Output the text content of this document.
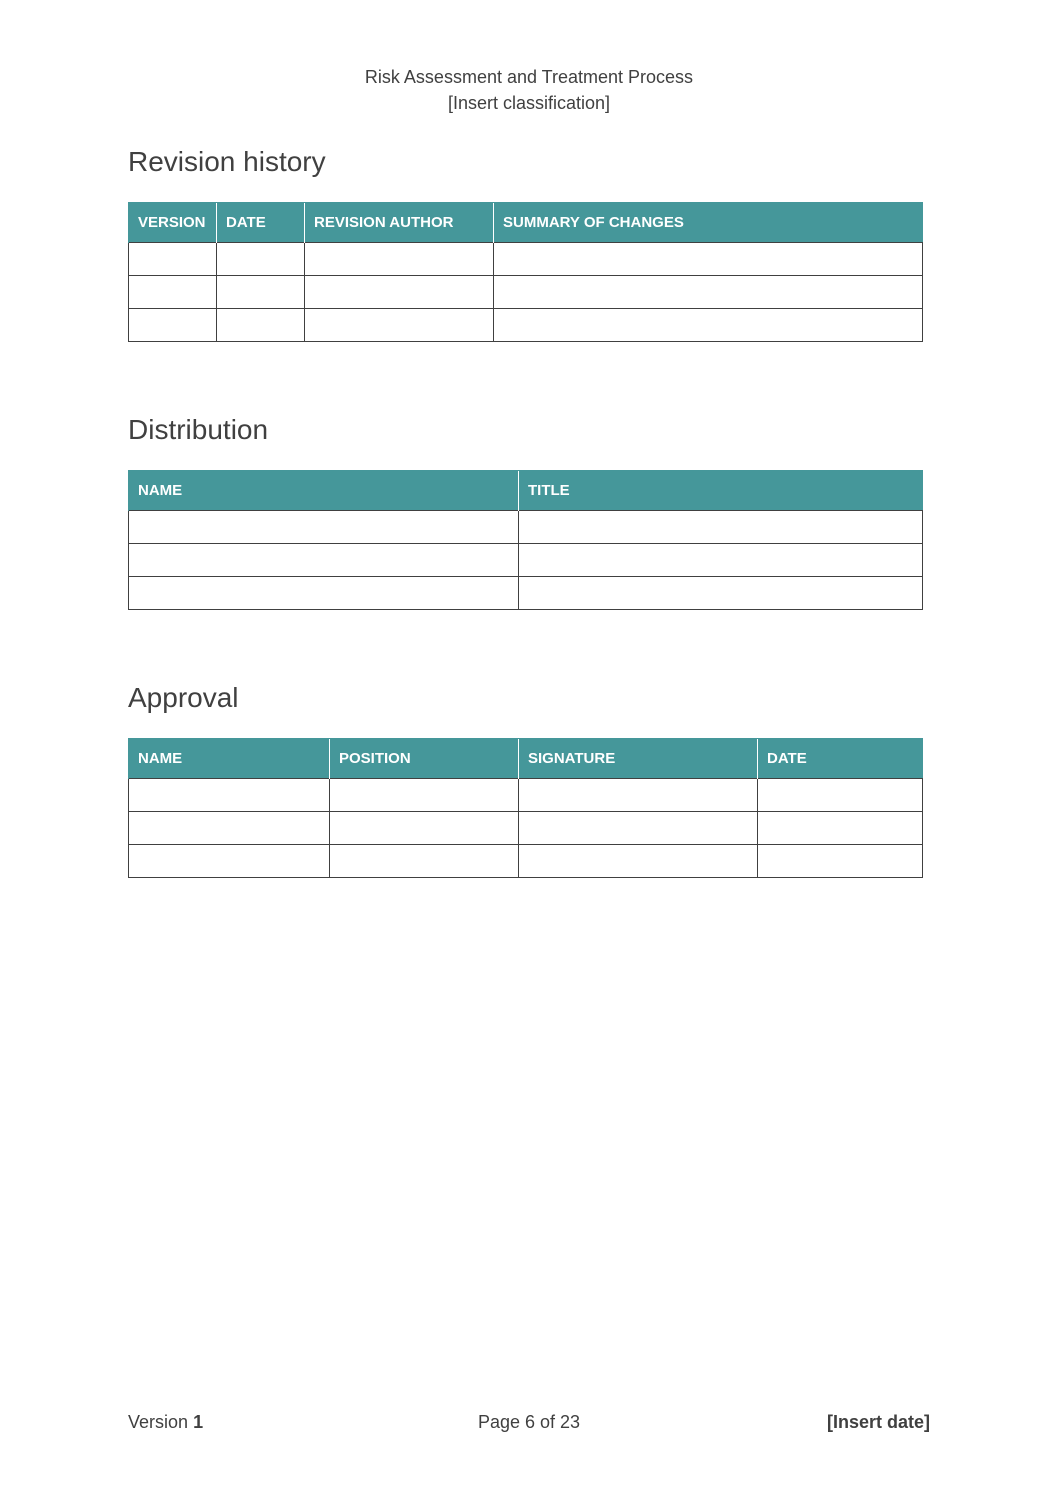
Risk Assessment and Treatment Process
[Insert classification]
Revision history
VERSION	DATE	REVISION AUTHOR	SUMMARY OF CHANGES

Distribution
NAME	TITLE

Approval
NAME	POSITION	SIGNATURE	DATE

Version 1	Page 6 of 23	[Insert date]
